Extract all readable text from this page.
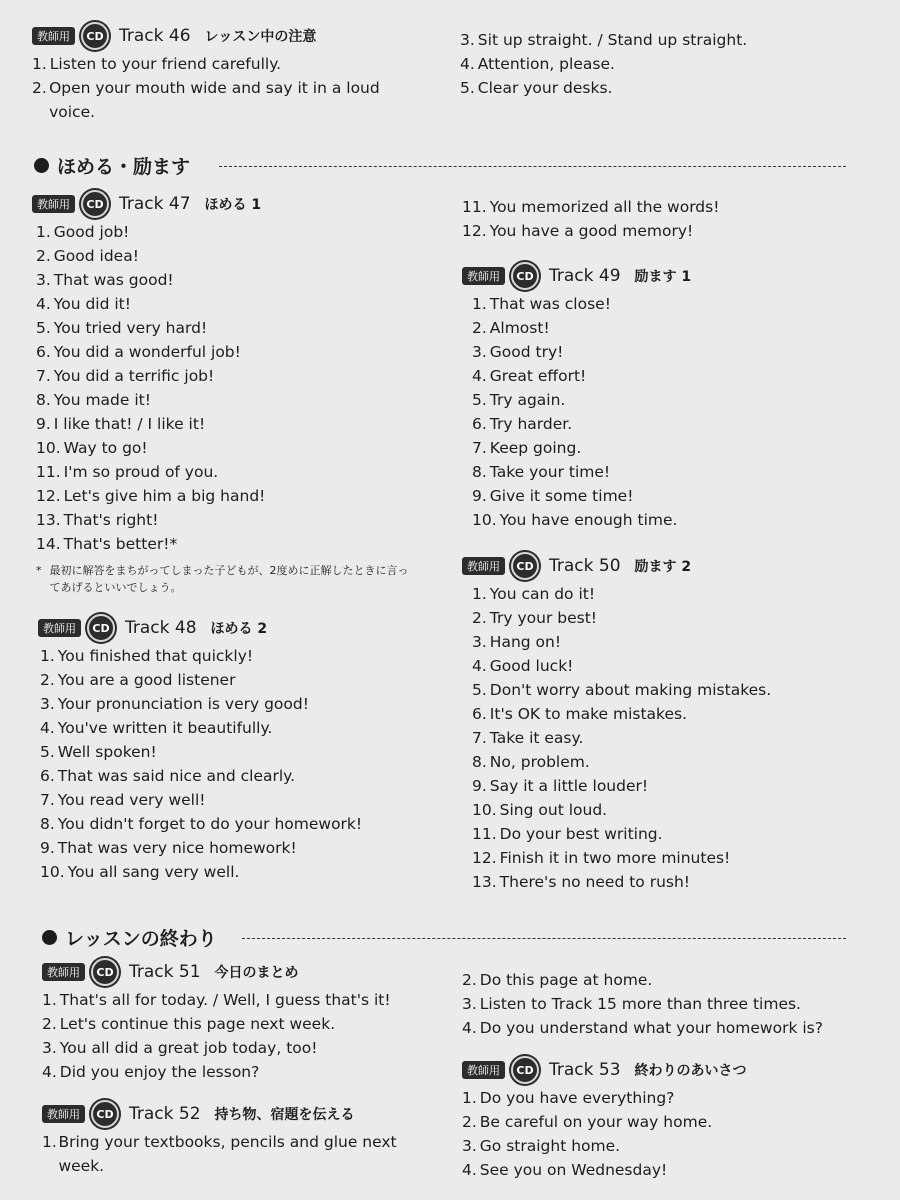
教師用	CD Track 46 レッスン中の注意
1. Listen to your friend carefully.
2. Open your mouth wide and say it in a loud voice.
3. Sit up straight. / Stand up straight.
4. Attention, please.
5. Clear your desks.
ほめる・励ます
教師用	CD Track 47 ほめる 1
1. Good job!
2. Good idea!
3. That was good!
4. You did it!
5. You tried very hard!
6. You did a wonderful job!
7. You did a terrific job!
8. You made it!
9. I like that! / I like it!
10. Way to go!
11. I'm so proud of you.
12. Let's give him a big hand!
13. That's right!
14. That's better!*
* 最初に解答をまちがってしまった子どもが、2度めに正解したときに言ってあげるといいでしょう。
11. You memorized all the words!
12. You have a good memory!
教師用	CD Track 48 ほめる 2
1. You finished that quickly!
2. You are a good listener
3. Your pronunciation is very good!
4. You've written it beautifully.
5. Well spoken!
6. That was said nice and clearly.
7. You read very well!
8. You didn't forget to do your homework!
9. That was very nice homework!
10. You all sang very well.
教師用	CD Track 49 励ます 1
1. That was close!
2. Almost!
3. Good try!
4. Great effort!
5. Try again.
6. Try harder.
7. Keep going.
8. Take your time!
9. Give it some time!
10. You have enough time.
教師用	CD Track 50 励ます 2
1. You can do it!
2. Try your best!
3. Hang on!
4. Good luck!
5. Don't worry about making mistakes.
6. It's OK to make mistakes.
7. Take it easy.
8. No, problem.
9. Say it a little louder!
10. Sing out loud.
11. Do your best writing.
12. Finish it in two more minutes!
13. There's no need to rush!
レッスンの終わり
教師用	CD Track 51 今日のまとめ
1. That's all for today. / Well, I guess that's it!
2. Let's continue this page next week.
3. You all did a great job today, too!
4. Did you enjoy the lesson?
教師用	CD Track 52 持ち物、宿題を伝える
1. Bring your textbooks, pencils and glue next week.
2. Do this page at home.
3. Listen to Track 15 more than three times.
4. Do you understand what your homework is?
教師用	CD Track 53 終わりのあいさつ
1. Do you have everything?
2. Be careful on your way home.
3. Go straight home.
4. See you on Wednesday!
